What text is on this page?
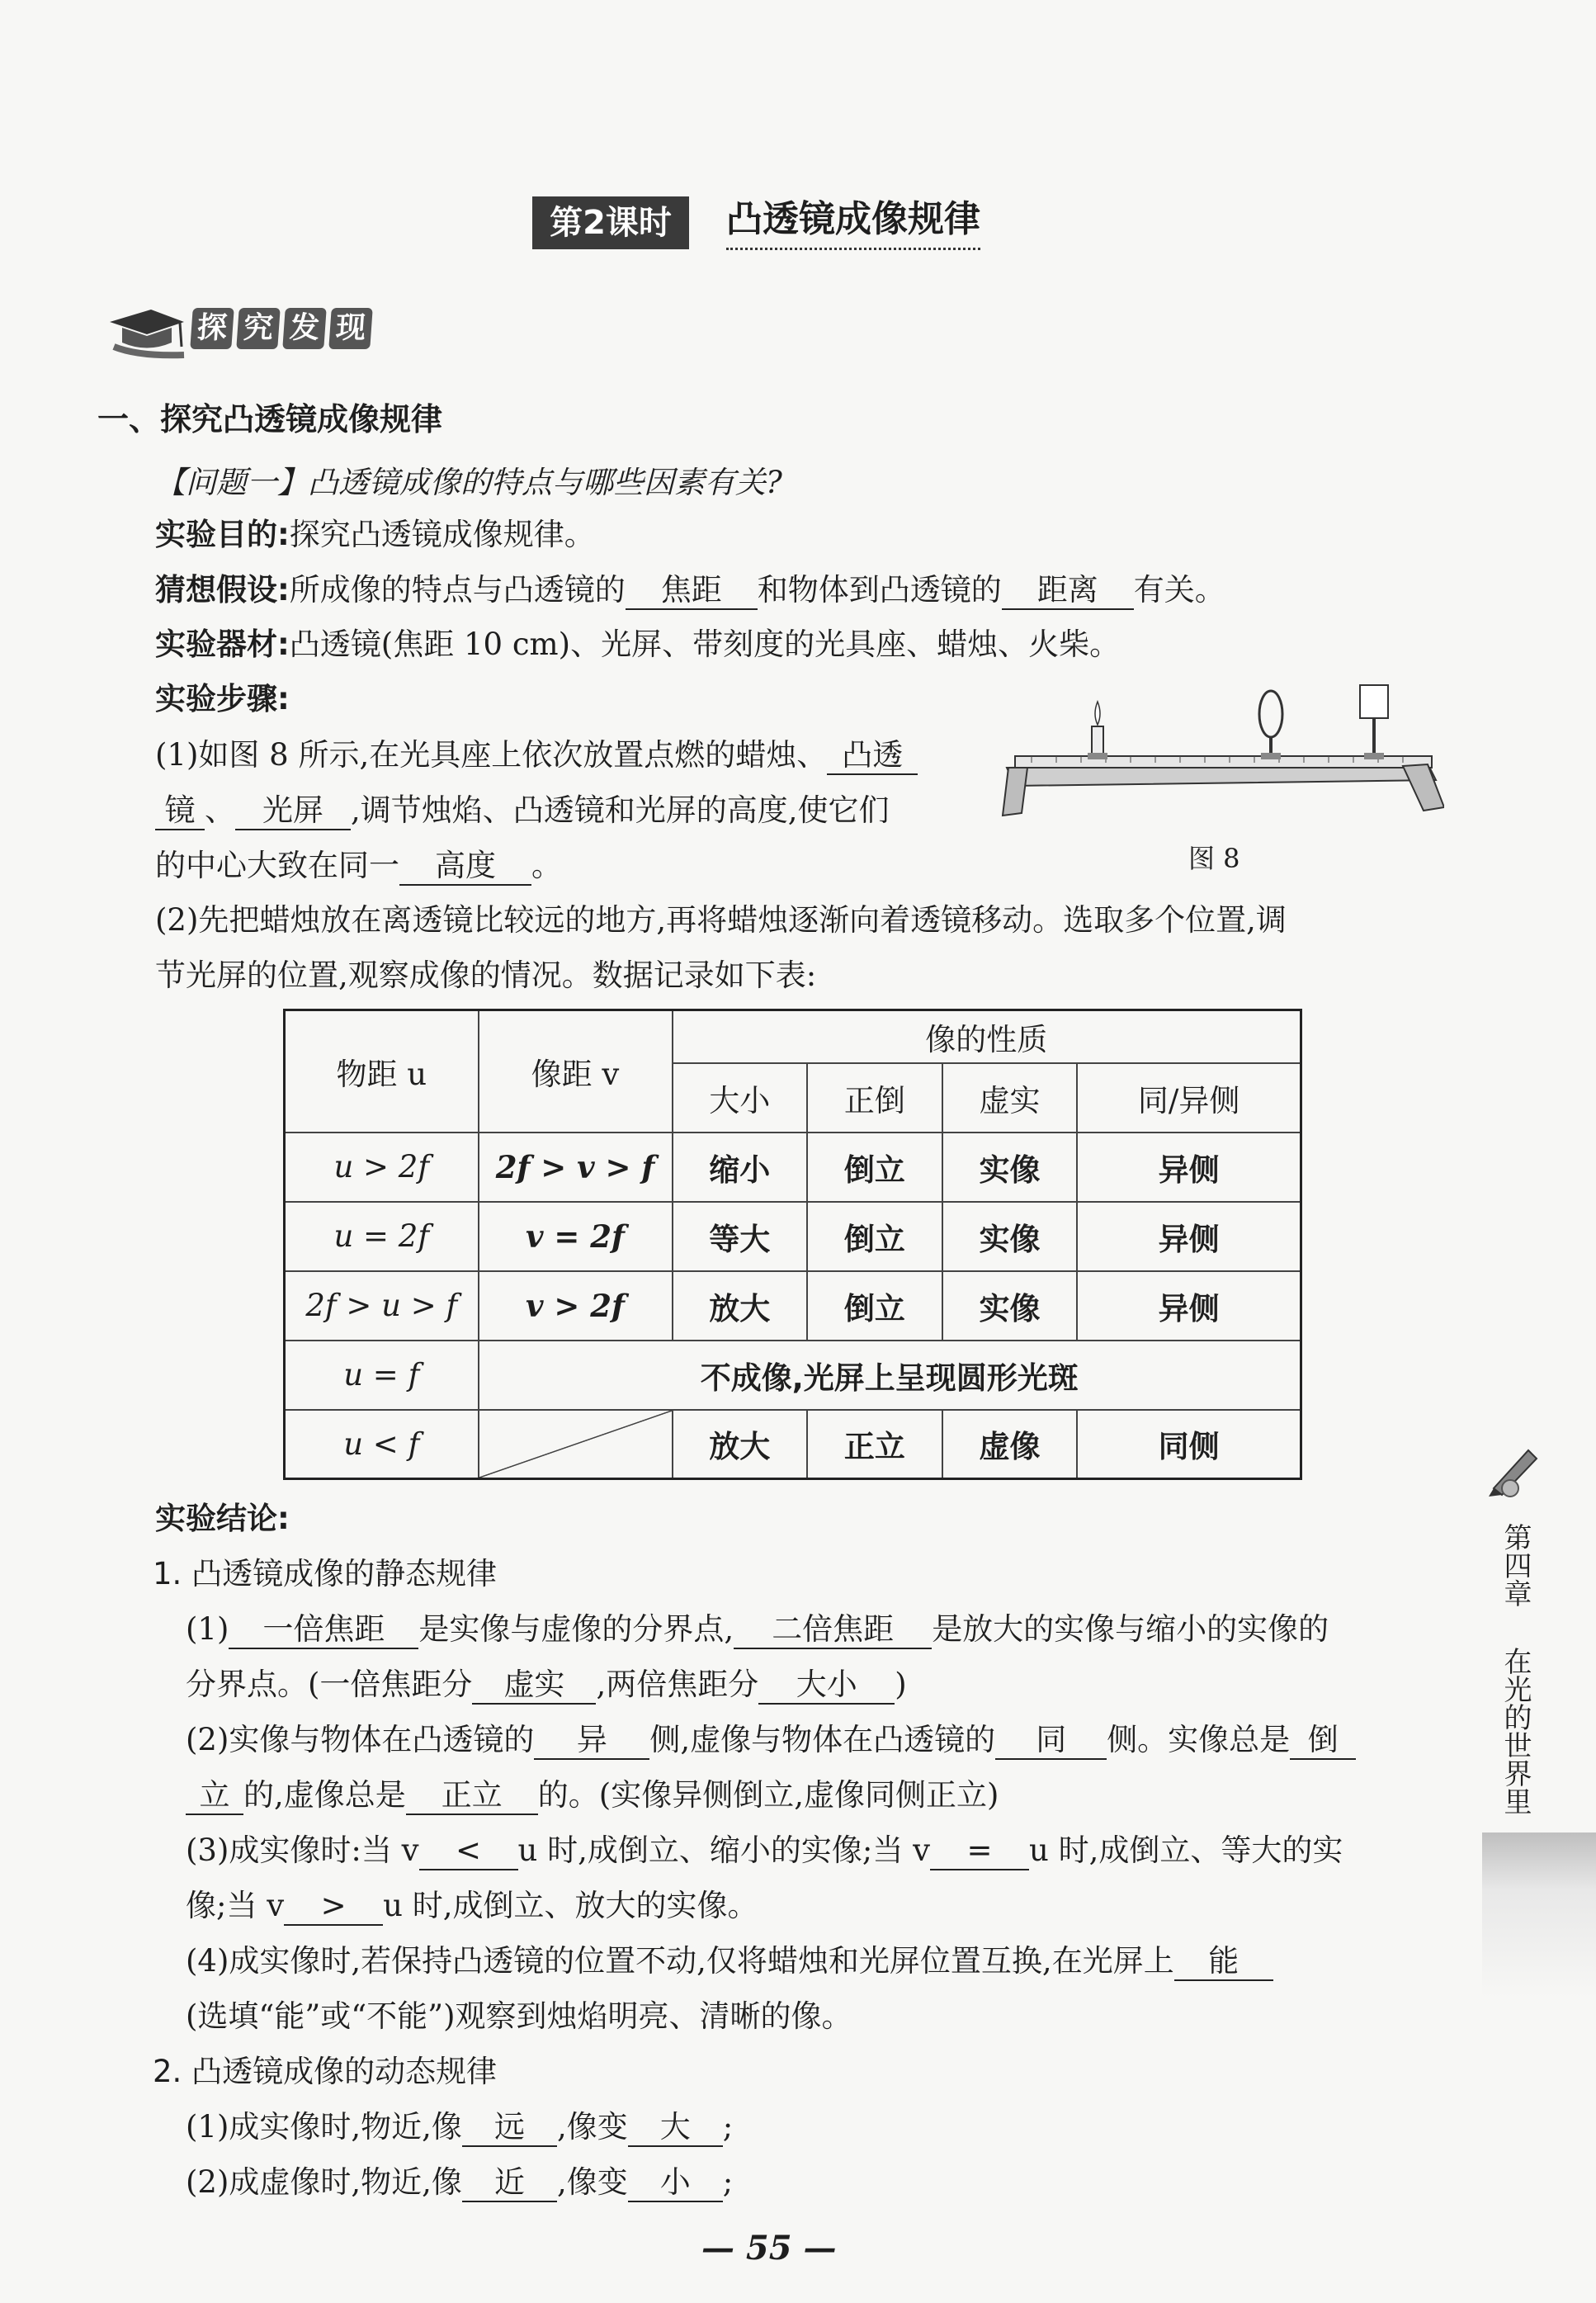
第2课时	凸透镜成像规律
探 究 发 现
一、探究凸透镜成像规律
【问题一】凸透镜成像的特点与哪些因素有关?
实验目的:探究凸透镜成像规律。
猜想假设:所成像的特点与凸透镜的 焦距 和物体到凸透镜的 距离 有关。
实验器材:凸透镜(焦距 10 cm)、光屏、带刻度的光具座、蜡烛、火柴。
实验步骤:
(1)如图 8 所示,在光具座上依次放置点燃的蜡烛、 凸透
镜 、 光屏 ,调节烛焰、凸透镜和光屏的高度,使它们
的中心大致在同一 高度 。	图 8
(2)先把蜡烛放在离透镜比较远的地方,再将蜡烛逐渐向着透镜移动。选取多个位置,调
节光屏的位置,观察成像的情况。数据记录如下表:
物距 u	像距 v	像的性质			
		大小	正倒	虚实	同/异侧
u > 2f	2f > v > f	缩小	倒立	实像	异侧
u = 2f	v = 2f	等大	倒立	实像	异侧
2f > u > f	v > 2f	放大	倒立	实像	异侧
u = f	不成像,光屏上呈现圆形光斑				
u < f		放大	正立	虚像	同侧
实验结论:
1. 凸透镜成像的静态规律
(1) 一倍焦距 是实像与虚像的分界点, 二倍焦距 是放大的实像与缩小的实像的
分界点。(一倍焦距分 虚实 ,两倍焦距分 大小 )
(2)实像与物体在凸透镜的 异 侧,虚像与物体在凸透镜的 同 侧。实像总是 倒
立 的,虚像总是 正立 的。(实像异侧倒立,虚像同侧正立)
(3)成实像时:当 v < u 时,成倒立、缩小的实像;当 v = u 时,成倒立、等大的实
像;当 v > u 时,成倒立、放大的实像。
(4)成实像时,若保持凸透镜的位置不动,仅将蜡烛和光屏位置互换,在光屏上 能
(选填“能”或“不能”)观察到烛焰明亮、清晰的像。
2. 凸透镜成像的动态规律
(1)成实像时,物近,像 远 ,像变 大 ;
(2)成虚像时,物近,像 近 ,像变 小 ;
第四章
在光的世界里
— 55 —
